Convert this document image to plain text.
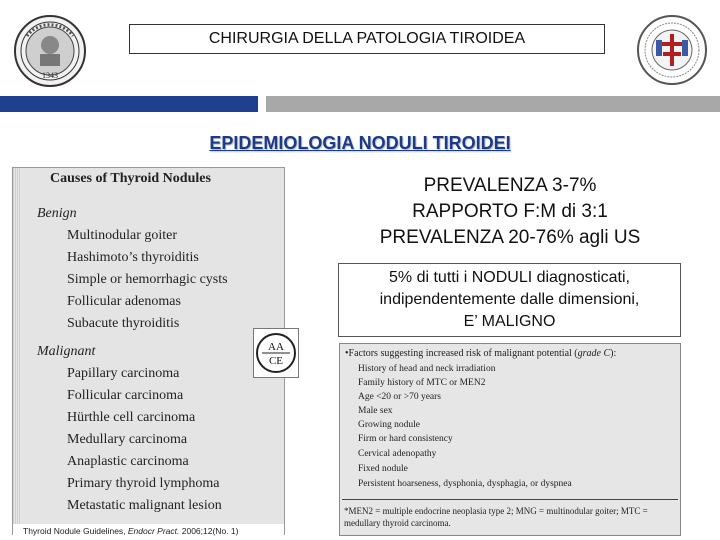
1343
CHIRURGIA DELLA PATOLOGIA TIROIDEA
EPIDEMIOLOGIA NODULI TIROIDEI
Causes of Thyroid Nodules
Benign
Multinodular goiter
Hashimoto’s thyroiditis
Simple or hemorrhagic cysts
Follicular adenomas
Subacute thyroiditis
Malignant
Papillary carcinoma
Follicular carcinoma
Hürthle cell carcinoma
Medullary carcinoma
Anaplastic carcinoma
Primary thyroid lymphoma
Metastatic malignant lesion
Thyroid Nodule Guidelines, Endocr Pract. 2006;12(No. 1)
AA
CE
PREVALENZA 3-7%
RAPPORTO F:M di 3:1
PREVALENZA 20-76% agli US
5% di tutti i NODULI diagnosticati,
indipendentemente dalle dimensioni,
E’ MALIGNO
•Factors suggesting increased risk of malignant potential (grade C):
History of head and neck irradiation
Family history of MTC or MEN2
Age <20 or >70 years
Male sex
Growing nodule
Firm or hard consistency
Cervical adenopathy
Fixed nodule
Persistent hoarseness, dysphonia, dysphagia, or dyspnea
*MEN2 = multiple endocrine neoplasia type 2; MNG = multinodular goiter; MTC = medullary thyroid carcinoma.
